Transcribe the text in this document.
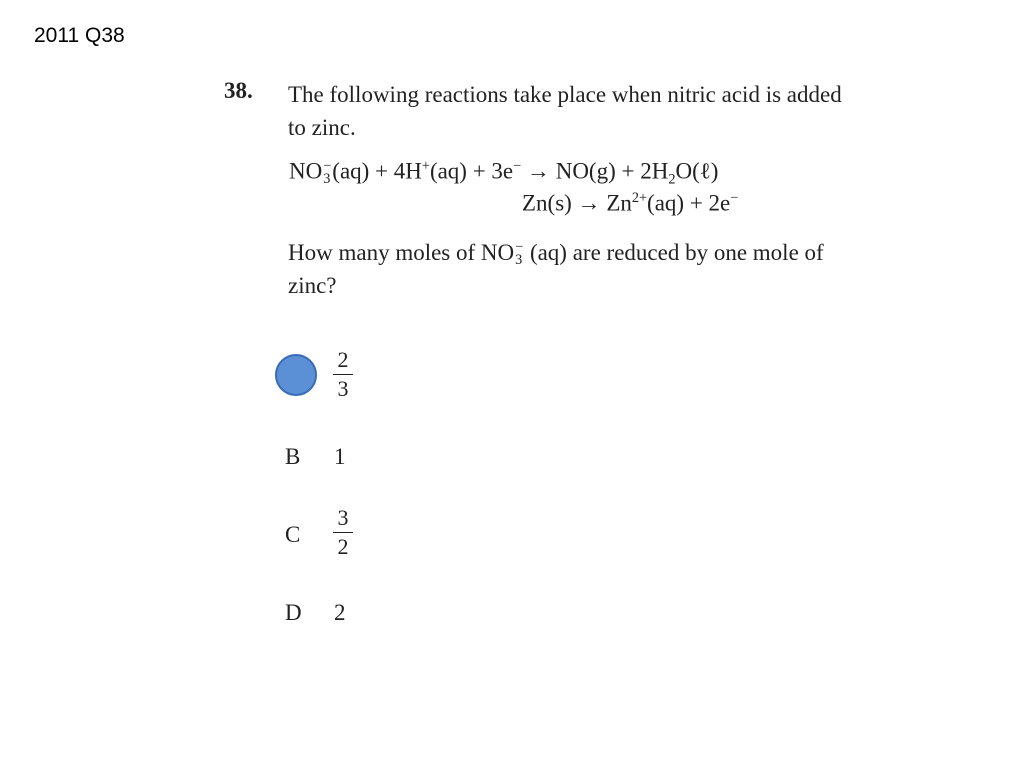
2011 Q38
38. The following reactions take place when nitric acid is added to zinc.
NO −
3 $(aq) + 4H^+(aq) + 3e^- \to NO(g) + 2H_2O(\ell)$
$Zn(s) \to Zn^{2+}(aq) + 2e^-$
How many moles of NO −
3 (aq) are reduced by one mole of zinc?
2
3
B 1
C
3
2
D 2
